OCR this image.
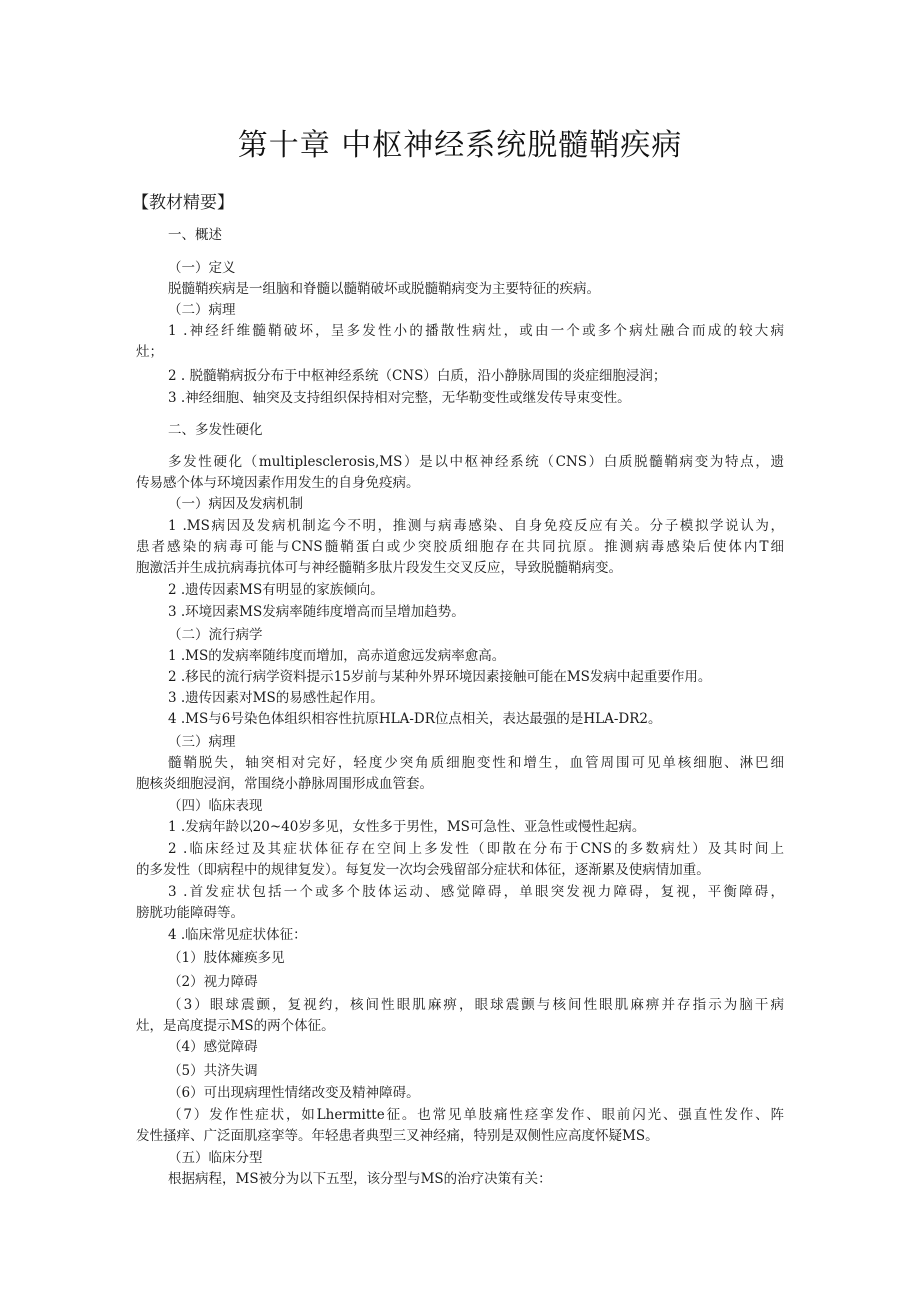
第十章 中枢神经系统脱髓鞘疾病
【教材精要】
一、概述
（一）定义
脱髓鞘疾病是一组脑和脊髓以髓鞘破坏或脱髓鞘病变为主要特征的疾病。
（二）病理
1 .神经纤维髓鞘破坏，呈多发性小的播散性病灶，或由一个或多个病灶融合而成的较大病
灶；
2 . 脱髓鞘病扳分布于中枢神经系统（CNS）白质，沿小静脉周围的炎症细胞浸润；
3 .神经细胞、轴突及支持组织保持相对完整，无华勒变性或继发传导束变性。
二、多发性硬化
多发性硬化（multiplesclerosis,MS）是以中枢神经系统（CNS）白质脱髓鞘病变为特点，遗
传易感个体与环境因素作用发生的自身免疫病。
（一）病因及发病机制
1 .MS病因及发病机制迄今不明，推测与病毒感染、自身免疫反应有关。分子模拟学说认为，
患者感染的病毒可能与CNS髓鞘蛋白或少突胶质细胞存在共同抗原。推测病毒感染后使体内T细
胞激活并生成抗病毒抗体可与神经髓鞘多肽片段发生交叉反应，导致脱髓鞘病变。
2 .遗传因素MS有明显的家族倾向。
3 .环境因素MS发病率随纬度增高而呈增加趋势。
（二）流行病学
1 .MS的发病率随纬度而增加，高赤道愈远发病率愈高。
2 .移民的流行病学资料提示15岁前与某种外界环境因素接触可能在MS发病中起重要作用。
3 .遗传因素对MS的易感性起作用。
4 .MS与6号染色体组织相容性抗原HLA-DR位点相关，表达最强的是HLA-DR2。
（三）病理
髓鞘脱失，轴突相对完好，轻度少突角质细胞变性和增生，血管周围可见单核细胞、淋巴细
胞核炎细胞浸润，常围绕小静脉周围形成血管套。
（四）临床表现
1 .发病年龄以20~40岁多见，女性多于男性，MS可急性、亚急性或慢性起病。
2 .临床经过及其症状体征存在空间上多发性（即散在分布于CNS的多数病灶）及其时间上
的多发性（即病程中的规律复发）。每复发一次均会残留部分症状和体征，逐渐累及使病情加重。
3 .首发症状包括一个或多个肢体运动、感觉障碍，单眼突发视力障碍，复视，平衡障碍，
膀胱功能障碍等。
4 .临床常见症状体征：
（1）肢体瘫痪多见
（2）视力障碍
（3）眼球震颤，复视约，核间性眼肌麻痹，眼球震颤与核间性眼肌麻痹并存指示为脑干病
灶，是高度提示MS的两个体征。
（4）感觉障碍
（5）共济失调
（6）可出现病理性情绪改变及精神障碍。
（7）发作性症状，如Lhermitte征。也常见单肢痛性痉挛发作、眼前闪光、强直性发作、阵
发性搔痒、广泛面肌痉挛等。年轻患者典型三叉神经痛，特别是双侧性应高度怀疑MS。
（五）临床分型
根据病程，MS被分为以下五型，该分型与MS的治疗决策有关：
